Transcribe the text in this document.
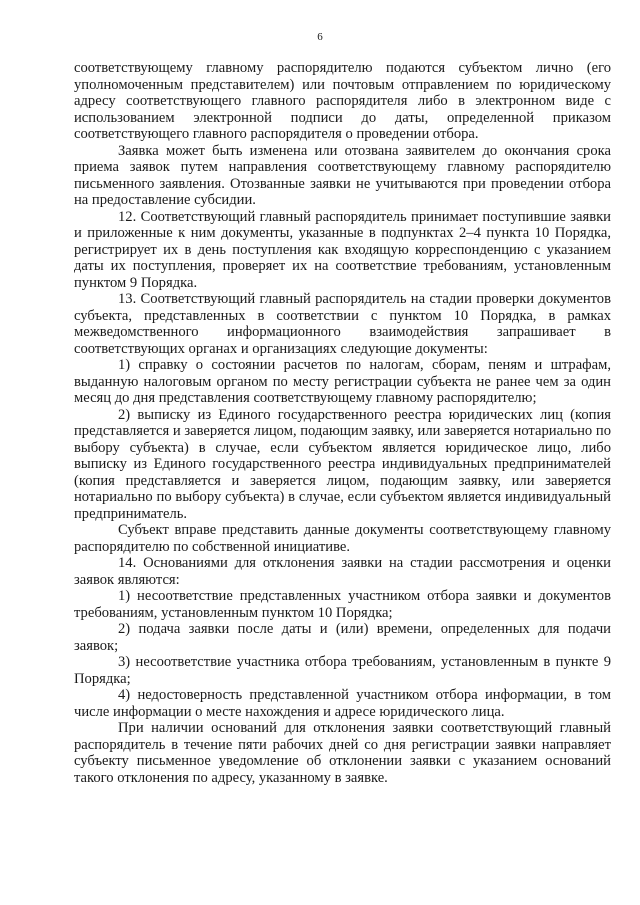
6

соответствующему главному распорядителю подаются субъектом лично (его уполномоченным представителем) или почтовым отправлением по юридическому адресу соответствующего главного распорядителя либо в электронном виде с использованием электронной подписи до даты, определенной приказом соответствующего главного распорядителя о проведении отбора.

Заявка может быть изменена или отозвана заявителем до окончания срока приема заявок путем направления соответствующему главному распорядителю письменного заявления. Отозванные заявки не учитываются при проведении отбора на предоставление субсидии.

12. Соответствующий главный распорядитель принимает поступившие заявки и приложенные к ним документы, указанные в подпунктах 2–4 пункта 10 Порядка, регистрирует их в день поступления как входящую корреспонденцию с указанием даты их поступления, проверяет их на соответствие требованиям, установленным пунктом 9 Порядка.

13. Соответствующий главный распорядитель на стадии проверки документов субъекта, представленных в соответствии с пунктом 10 Порядка, в рамках межведомственного информационного взаимодействия запрашивает в соответствующих органах и организациях следующие документы:

1) справку о состоянии расчетов по налогам, сборам, пеням и штрафам, выданную налоговым органом по месту регистрации субъекта не ранее чем за один месяц до дня представления соответствующему главному распорядителю;

2) выписку из Единого государственного реестра юридических лиц (копия представляется и заверяется лицом, подающим заявку, или заверяется нотариально по выбору субъекта) в случае, если субъектом является юридическое лицо, либо выписку из Единого государственного реестра индивидуальных предпринимателей (копия представляется и заверяется лицом, подающим заявку, или заверяется нотариально по выбору субъекта) в случае, если субъектом является индивидуальный предприниматель.

Субъект вправе представить данные документы соответствующему главному распорядителю по собственной инициативе.

14. Основаниями для отклонения заявки на стадии рассмотрения и оценки заявок являются:

1) несоответствие представленных участником отбора заявки и документов требованиям, установленным пунктом 10 Порядка;

2) подача заявки после даты и (или) времени, определенных для подачи заявок;

3) несоответствие участника отбора требованиям, установленным в пункте 9 Порядка;

4) недостоверность представленной участником отбора информации, в том числе информации о месте нахождения и адресе юридического лица.

При наличии оснований для отклонения заявки соответствующий главный распорядитель в течение пяти рабочих дней со дня регистрации заявки направляет субъекту письменное уведомление об отклонении заявки с указанием оснований такого отклонения по адресу, указанному в заявке.
